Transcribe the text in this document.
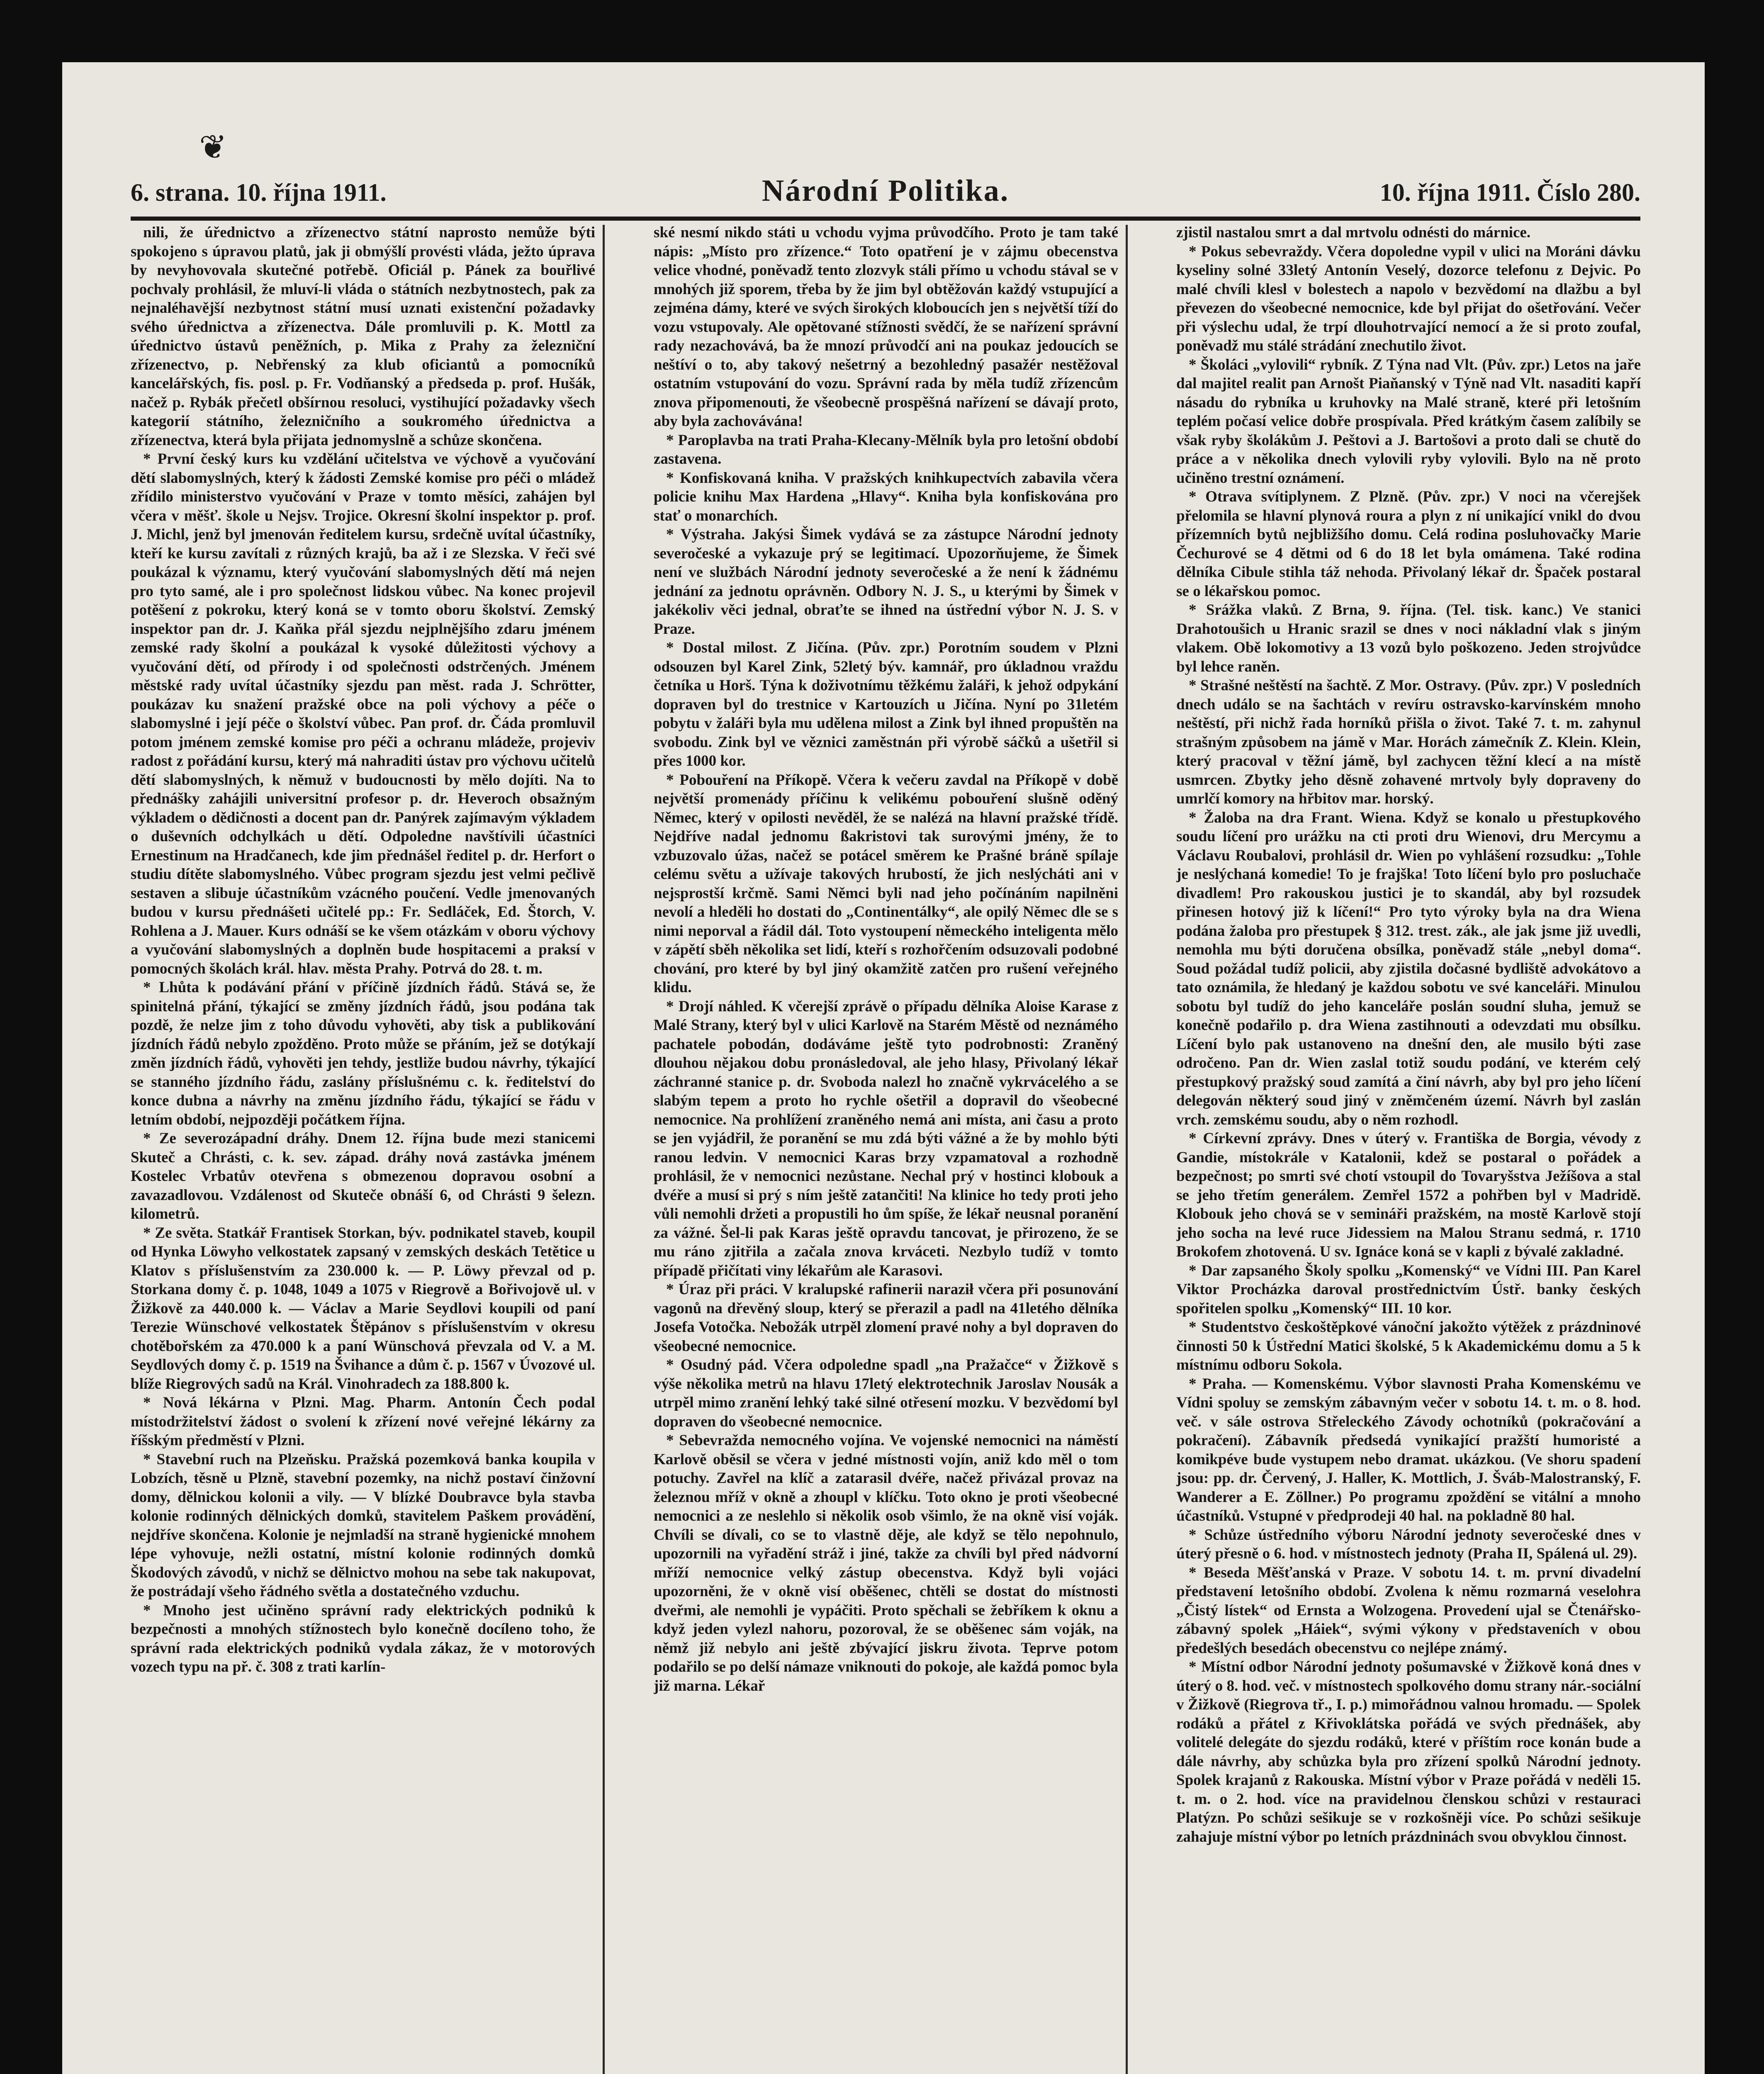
❦
6. strana. 10. října 1911.	Národní Politika.	10. října 1911. Číslo 280.

nili, že úřednictvo a zřízenectvo státní naprosto nemůže býti spokojeno s úpravou platů, jak ji obmýšlí provésti vláda, ježto úprava by nevyhovovala skutečné potřebě. Oficiál p. Pánek za bouřlivé pochvaly prohlásil, že mluví-li vláda o státních nezbytnostech, pak za nejnaléhavější nezbytnost státní musí uznati existenční požadavky svého úřednictva a zřízenectva. Dále promluvili p. K. Mottl za úřednictvo ústavů peněžních, p. Mika z Prahy za železniční zřízenectvo, p. Nebřenský za klub oficiantů a pomocníků kancelářských, fis. posl. p. Fr. Vodňanský a předseda p. prof. Hušák, načež p. Rybák přečetl obšírnou resoluci, vystihující požadavky všech kategorií státního, železničního a soukromého úřednictva a zřízenectva, která byla přijata jednomyslně a schůze skončena.

* První český kurs ku vzdělání učitelstva ve výchově a vyučování dětí slabomyslných, který k žádosti Zemské komise pro péči o mládež zřídilo ministerstvo vyučování v Praze v tomto měsíci, zahájen byl včera v měšť. škole u Nejsv. Trojice. Okresní školní inspektor p. prof. J. Michl, jenž byl jmenován ředitelem kursu, srdečně uvítal účastníky, kteří ke kursu zavítali z různých krajů, ba až i ze Slezska. V řeči své poukázal k významu, který vyučování slabomyslných dětí má nejen pro tyto samé, ale i pro společnost lidskou vůbec. Na konec projevil potěšení z pokroku, který koná se v tomto oboru školství. Zemský inspektor pan dr. J. Kaňka přál sjezdu nejplnějšího zdaru jménem zemské rady školní a poukázal k vysoké důležitosti výchovy a vyučování dětí, od přírody i od společnosti odstrčených. Jménem městské rady uvítal účastníky sjezdu pan měst. rada J. Schrötter, poukázav ku snažení pražské obce na poli výchovy a péče o slabomyslné i její péče o školství vůbec. Pan prof. dr. Čáda promluvil potom jménem zemské komise pro péči a ochranu mládeže, projeviv radost z pořádání kursu, který má nahraditi ústav pro výchovu učitelů dětí slabomyslných, k němuž v budoucnosti by mělo dojíti. Na to přednášky zahájili universitní profesor p. dr. Heveroch obsažným výkladem o dědičnosti a docent pan dr. Panýrek zajímavým výkladem o duševních odchylkách u dětí. Odpoledne navštívili účastníci Ernestinum na Hradčanech, kde jim přednášel ředitel p. dr. Herfort o studiu dítěte slabomyslného. Vůbec program sjezdu jest velmi pečlivě sestaven a slibuje účastníkům vzácného poučení. Vedle jmenovaných budou v kursu přednášeti učitelé pp.: Fr. Sedláček, Ed. Štorch, V. Rohlena a J. Mauer. Kurs odnáší se ke všem otázkám v oboru výchovy a vyučování slabomyslných a doplněn bude hospitacemi a praksí v pomocných školách král. hlav. města Prahy. Potrvá do 28. t. m.

* Lhůta k podávání přání v příčině jízdních řádů. Stává se, že spinitelná přání, týkající se změny jízdních řádů, jsou podána tak pozdě, že nelze jim z toho důvodu vyhověti, aby tisk a publikování jízdních řádů nebylo zpožděno. Proto může se přáním, jež se dotýkají změn jízdních řádů, vyhověti jen tehdy, jestliže budou návrhy, týkající se stanného jízdního řádu, zaslány příslušnému c. k. ředitelství do konce dubna a návrhy na změnu jízdního řádu, týkající se řádu v letním období, nejpozději počátkem října.

* Ze severozápadní dráhy. Dnem 12. října bude mezi stanicemi Skuteč a Chrásti, c. k. sev. západ. dráhy nová zastávka jménem Kostelec Vrbatův otevřena s obmezenou dopravou osobní a zavazadlovou. Vzdálenost od Skuteče obnáší 6, od Chrásti 9 šelezn. kilometrů.

* Ze světa. Statkář Frantisek Storkan, býv. podnikatel staveb, koupil od Hynka Löwyho velkostatek zapsaný v zemských deskách Tetětice u Klatov s příslušenstvím za 230.000 k. — P. Löwy převzal od p. Storkana domy č. p. 1048, 1049 a 1075 v Riegrově a Bořivojově ul. v Žižkově za 440.000 k. — Václav a Marie Seydlovi koupili od paní Terezie Wünschové velkostatek Štěpánov s příslušenstvím v okresu chotěbořském za 470.000 k a paní Wünschová převzala od V. a M. Seydlových domy č. p. 1519 na Švihance a dům č. p. 1567 v Úvozové ul. blíže Riegrových sadů na Král. Vinohradech za 188.800 k.

* Nová lékárna v Plzni. Mag. Pharm. Antonín Čech podal místodržitelství žádost o svolení k zřízení nové veřejné lékárny za říšským předměstí v Plzni.

* Stavební ruch na Plzeňsku. Pražská pozemková banka koupila v Lobzích, těsně u Plzně, stavební pozemky, na nichž postaví činžovní domy, dělnickou kolonii a vily. — V blízké Doubravce byla stavba kolonie rodinných dělnických domků, stavitelem Paškem provádění, nejdříve skončena. Kolonie je nejmladší na straně hygienické mnohem lépe vyhovuje, nežli ostatní, místní kolonie rodinných domků Škodových závodů, v nichž se dělnictvo mohou na sebe tak nakupovat, že postrádají všeho řádného světla a dostatečného vzduchu.

* Mnoho jest učiněno správní rady elektrických podniků k bezpečnosti a mnohých stížnostech bylo konečně docíleno toho, že správní rada elektrických podniků vydala zákaz, že v motorových vozech typu na př. č. 308 z trati karlín-

ské nesmí nikdo státi u vchodu vyjma průvodčího. Proto je tam také nápis: „Místo pro zřízence.“ Toto opatření je v zájmu obecenstva velice vhodné, poněvadž tento zlozvyk stáli přímo u vchodu stával se v mnohých již sporem, třeba by že jim byl obtěžován každý vstupující a zejména dámy, které ve svých širokých kloboucích jen s největší tíží do vozu vstupovaly. Ale opětované stížnosti svědčí, že se nařízení správní rady nezachovává, ba že mnozí průvodčí ani na poukaz jedoucích se neštíví o to, aby takový nešetrný a bezohledný pasažér nestěžoval ostatním vstupování do vozu. Správní rada by měla tudíž zřízencům znova připomenouti, že všeobecně prospěšná nařízení se dávají proto, aby byla zachovávána!

* Paroplavba na trati Praha-Klecany-Mělník byla pro letošní období zastavena.

* Konfiskovaná kniha. V pražských knihkupectvích zabavila včera policie knihu Max Hardena „Hlavy“. Kniha byla konfiskována pro stať o monarchích.

* Výstraha. Jakýsi Šimek vydává se za zástupce Národní jednoty severočeské a vykazuje prý se legitimací. Upozorňujeme, že Šimek není ve službách Národní jednoty severočeské a že není k žádnému jednání za jednotu oprávněn. Odbory N. J. S., u kterými by Šimek v jakékoliv věci jednal, obraťte se ihned na ústřední výbor N. J. S. v Praze.

* Dostal milost. Z Jičína. (Pův. zpr.) Porotním soudem v Plzni odsouzen byl Karel Zink, 52letý býv. kamnář, pro úkladnou vraždu četníka u Horš. Týna k doživotnímu těžkému žaláři, k jehož odpykání dopraven byl do trestnice v Kartouzích u Jičína. Nyní po 31letém pobytu v žaláři byla mu udělena milost a Zink byl ihned propuštěn na svobodu. Zink byl ve věznici zaměstnán při výrobě sáčků a ušetřil si přes 1000 kor.

* Pobouření na Příkopě. Včera k večeru zavdal na Příkopě v době největší promenády příčinu k velikému pobouření slušně oděný Němec, který v opilosti nevěděl, že se nalézá na hlavní pražské třídě. Nejdříve nadal jednomu ßakristovi tak surovými jmény, že to vzbuzovalo úžas, načež se potácel směrem ke Prašné bráně spílaje celému světu a užívaje takových hrubostí, že jich neslýcháti ani v nejsprostší krčmě. Sami Němci byli nad jeho počínáním napilněni nevolí a hleděli ho dostati do „Continentálky“, ale opilý Němec dle se s nimi neporval a řádil dál. Toto vystoupení německého inteligenta mělo v zápětí sběh několika set lidí, kteří s rozhořčením odsuzovali podobné chování, pro které by byl jiný okamžitě zatčen pro rušení veřejného klidu.

* Drojí náhled. K včerejší zprávě o případu dělníka Aloise Karase z Malé Strany, který byl v ulici Karlově na Starém Městě od neznámého pachatele pobodán, dodáváme ještě tyto podrobnosti: Zraněný dlouhou nějakou dobu pronásledoval, ale jeho hlasy, Přivolaný lékař záchranné stanice p. dr. Svoboda nalezl ho značně vykrvácelého a se slabým tepem a proto ho rychle ošetřil a dopravil do všeobecné nemocnice. Na prohlížení zraněného nemá ani místa, ani času a proto se jen vyjádřil, že poranění se mu zdá býti vážné a že by mohlo býti ranou ledvin. V nemocnici Karas brzy vzpamatoval a rozhodně prohlásil, že v nemocnici nezůstane. Nechal prý v hostinci klobouk a dvéře a musí si prý s ním ještě zatančiti! Na klinice ho tedy proti jeho vůli nemohli držeti a propustili ho ům spíše, že lékař neusnal poranění za vážné. Šel-li pak Karas ještě opravdu tancovat, je přirozeno, že se mu ráno zjitřila a začala znova krváceti. Nezbylo tudíž v tomto případě přičítati viny lékařům ale Karasovi.

* Úraz při práci. V kralupské rafinerii naraził včera při posunování vagonů na dřevěný sloup, který se přerazil a padl na 41letého dělníka Josefa Votočka. Nebožák utrpěl zlomení pravé nohy a byl dopraven do všeobecné nemocnice.

* Osudný pád. Včera odpoledne spadl „na Pražačce“ v Žižkově s výše několika metrů na hlavu 17letý elektrotechnik Jaroslav Nousák a utrpěl mimo zranění lehký také silné otřesení mozku. V bezvědomí byl dopraven do všeobecné nemocnice.

* Sebevražda nemocného vojína. Ve vojenské nemocnici na náměstí Karlově oběsil se včera v jedné místnosti vojín, aniž kdo měl o tom potuchy. Zavřel na klíč a zatarasil dvéře, načež přivázal provaz na železnou mříž v okně a zhoupl v klíčku. Toto okno je proti všeobecné nemocnici a ze neslehlo si několik osob všimlo, že na okně visí voják. Chvíli se dívali, co se to vlastně děje, ale když se tělo nepohnulo, upozornili na vyřadění stráž i jiné, takže za chvíli byl před nádvorní mříží nemocnice velký zástup obecenstva. Když byli vojáci upozorněni, že v okně visí oběšenec, chtěli se dostat do místnosti dveřmi, ale nemohli je vypáčiti. Proto spěchali se žebříkem k oknu a když jeden vylezl nahoru, pozoroval, že se oběšenec sám voják, na němž již nebylo ani ještě zbývající jiskru života. Teprve potom podařilo se po delší námaze vniknouti do pokoje, ale každá pomoc byla již marna. Lékař

zjistil nastalou smrt a dal mrtvolu odnésti do márnice.

* Pokus sebevraždy. Včera dopoledne vypil v ulici na Moráni dávku kyseliny solné 33letý Antonín Veselý, dozorce telefonu z Dejvic. Po malé chvíli klesl v bolestech a napolo v bezvědomí na dlažbu a byl převezen do všeobecné nemocnice, kde byl přijat do ošetřování. Večer při výslechu udal, že trpí dlouhotrvající nemocí a že si proto zoufal, poněvadž mu stálé strádání znechutilo život.

* Školáci „vylovili“ rybník. Z Týna nad Vlt. (Pův. zpr.) Letos na jaře dal majitel realit pan Arnošt Piaňanský v Týně nad Vlt. nasaditi kapří násadu do rybníka u kruhovky na Malé straně, které při letošním teplém počasí velice dobře prospívala. Před krátkým časem zalíbily se však ryby školákům J. Peštovi a J. Bartošovi a proto dali se chutě do práce a v několika dnech vylovili ryby vylovili. Bylo na ně proto učiněno trestní oznámení.

* Otrava svítiplynem. Z Plzně. (Pův. zpr.) V noci na včerejšek přelomila se hlavní plynová roura a plyn z ní unikající vnikl do dvou přízemních bytů nejbližšího domu. Celá rodina posluhovačky Marie Čechurové se 4 dětmi od 6 do 18 let byla omámena. Také rodina dělníka Cibule stihla táž nehoda. Přivolaný lékař dr. Špaček postaral se o lékařskou pomoc.

* Srážka vlaků. Z Brna, 9. října. (Tel. tisk. kanc.) Ve stanici Drahotoušich u Hranic srazil se dnes v noci nákladní vlak s jiným vlakem. Obě lokomotivy a 13 vozů bylo poškozeno. Jeden strojvůdce byl lehce raněn.

* Strašné neštěstí na šachtě. Z Mor. Ostravy. (Pův. zpr.) V posledních dnech událo se na šachtách v revíru ostravsko-karvínském mnoho neštěstí, při nichž řada horníků přišla o život. Také 7. t. m. zahynul strašným způsobem na jámě v Mar. Horách zámečník Z. Klein. Klein, který pracoval v těžní jámě, byl zachycen těžní klecí a na místě usmrcen. Zbytky jeho děsně zohavené mrtvoly byly dopraveny do umrlčí komory na hřbitov mar. horský.

* Žaloba na dra Frant. Wiena. Když se konalo u přestupkového soudu líčení pro urážku na cti proti dru Wienovi, dru Mercymu a Václavu Roubalovi, prohlásil dr. Wien po vyhlášení rozsudku: „Tohle je neslýchaná komedie! To je frajška! Toto líčení bylo pro posluchače divadlem! Pro rakouskou justici je to skandál, aby byl rozsudek přinesen hotový již k líčení!“ Pro tyto výroky byla na dra Wiena podána žaloba pro přestupek § 312. trest. zák., ale jak jsme již uvedli, nemohla mu býti doručena obsílka, poněvadž stále „nebyl doma“. Soud požádal tudíž policii, aby zjistila dočasné bydliště advokátovo a tato oznámila, že hledaný je každou sobotu ve své kanceláři. Minulou sobotu byl tudíž do jeho kanceláře poslán soudní sluha, jemuž se konečně podařilo p. dra Wiena zastihnouti a odevzdati mu obsílku. Líčení bylo pak ustanoveno na dnešní den, ale musilo býti zase odročeno. Pan dr. Wien zaslal totiž soudu podání, ve kterém celý přestupkový pražský soud zamítá a činí návrh, aby byl pro jeho líčení delegován některý soud jiný v zněmčeném území. Návrh byl zaslán vrch. zemskému soudu, aby o něm rozhodl.

* Církevní zprávy. Dnes v úterý v. Františka de Borgia, vévody z Gandie, místokrále v Katalonii, kdež se postaral o pořádek a bezpečnost; po smrti své chotí vstoupil do Tovaryšstva Ježíšova a stal se jeho třetím generálem. Zemřel 1572 a pohřben byl v Madridě. Klobouk jeho chová se v semináři pražském, na mostě Karlově stojí jeho socha na levé ruce Jidessiem na Malou Stranu sedmá, r. 1710 Brokofem zhotovená. U sv. Ignáce koná se v kapli z bývalé zakladné.

* Dar zapsaného Školy spolku „Komenský“ ve Vídni III. Pan Karel Viktor Procházka daroval prostřednictvím Ústř. banky českých spořitelen spolku „Komenský“ III. 10 kor.

* Studentstvo českoštěpkové vánoční jakožto výtěžek z prázdninové činnosti 50 k Ústřední Matici školské, 5 k Akademickému domu a 5 k místnímu odboru Sokola.

* Praha. — Komenskému. Výbor slavnosti Praha Komenskému ve Vídni spoluy se zemským zábavným večer v sobotu 14. t. m. o 8. hod. več. v sále ostrova Střeleckého Závody ochotníků (pokračování a pokračení). Zábavník předsedá vynikající pražští humoristé a komikpéve bude vystupem nebo dramat. ukázkou. (Ve shoru spadení jsou: pp. dr. Červený, J. Haller, K. Mottlich, J. Šváb-Malostranský, F. Wanderer a E. Zöllner.) Po programu zpoždění se vitální a mnoho účastníků. Vstupné v předprodeji 40 hal. na pokladně 80 hal.

* Schůze ústředního výboru Národní jednoty severočeské dnes v úterý přesně o 6. hod. v místnostech jednoty (Praha II, Spálená ul. 29).

* Beseda Měšťanská v Praze. V sobotu 14. t. m. první divadelní představení letošního období. Zvolena k němu rozmarná veselohra „Čistý lístek“ od Ernsta a Wolzogena. Provedení ujal se Čtenářsko-zábavný spolek „Háiek“, svými výkony v představeních v obou předešlých besedách obecenstvu co nejlépe známý.

* Místní odbor Národní jednoty pošumavské v Žižkově koná dnes v úterý o 8. hod. več. v místnostech spolkového domu strany nár.-sociální v Žižkově (Riegrova tř., I. p.) mimořádnou valnou hromadu. — Spolek rodáků a přátel z Křivoklátska pořádá ve svých přednášek, aby volitelé delegáte do sjezdu rodáků, které v příštím roce konán bude a dále návrhy, aby schůzka byla pro zřízení spolků Národní jednoty. Spolek krajanů z Rakouska. Místní výbor v Praze pořádá v neděli 15. t. m. o 2. hod. více na pravidelnou členskou schůzi v restauraci Platýzn. Po schůzi sešikuje se v rozkošněji více. Po schůzi sešikuje zahajuje místní výbor po letních prázdninách svou obvyklou činnost.
